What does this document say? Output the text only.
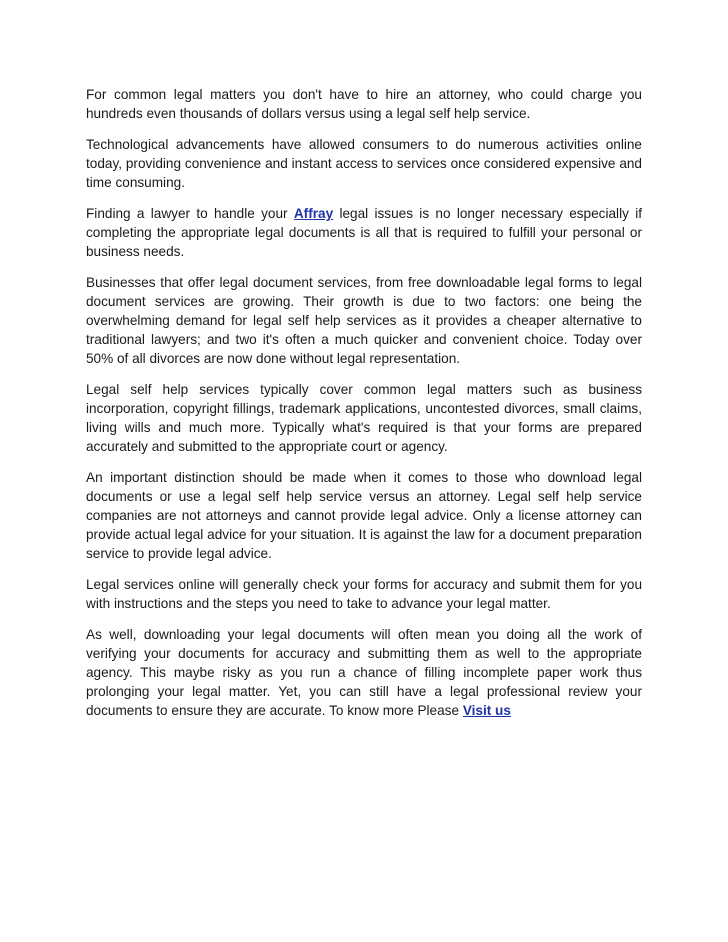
For common legal matters you don't have to hire an attorney, who could charge you hundreds even thousands of dollars versus using a legal self help service.

Technological advancements have allowed consumers to do numerous activities online today, providing convenience and instant access to services once considered expensive and time consuming.

Finding a lawyer to handle your Affray legal issues is no longer necessary especially if completing the appropriate legal documents is all that is required to fulfill your personal or business needs.

Businesses that offer legal document services, from free downloadable legal forms to legal document services are growing. Their growth is due to two factors: one being the overwhelming demand for legal self help services as it provides a cheaper alternative to traditional lawyers; and two it's often a much quicker and convenient choice. Today over 50% of all divorces are now done without legal representation.

Legal self help services typically cover common legal matters such as business incorporation, copyright fillings, trademark applications, uncontested divorces, small claims, living wills and much more. Typically what's required is that your forms are prepared accurately and submitted to the appropriate court or agency.

An important distinction should be made when it comes to those who download legal documents or use a legal self help service versus an attorney. Legal self help service companies are not attorneys and cannot provide legal advice. Only a license attorney can provide actual legal advice for your situation. It is against the law for a document preparation service to provide legal advice.

Legal services online will generally check your forms for accuracy and submit them for you with instructions and the steps you need to take to advance your legal matter.

As well, downloading your legal documents will often mean you doing all the work of verifying your documents for accuracy and submitting them as well to the appropriate agency. This maybe risky as you run a chance of filling incomplete paper work thus prolonging your legal matter. Yet, you can still have a legal professional review your documents to ensure they are accurate. To know more Please Visit us
